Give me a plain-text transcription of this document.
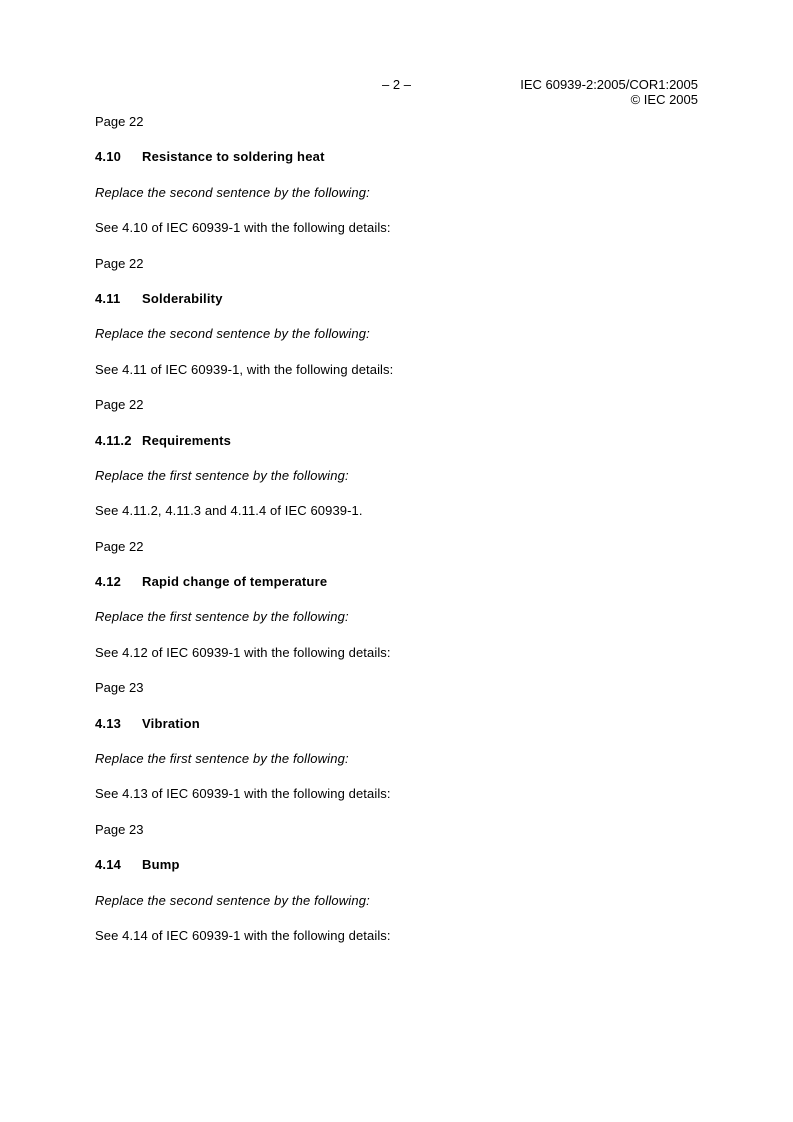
– 2 –	IEC 60939-2:2005/COR1:2005
© IEC 2005
Page 22
4.10 Resistance to soldering heat
Replace the second sentence by the following:
See 4.10 of IEC 60939-1 with the following details:
Page 22
4.11 Solderability
Replace the second sentence by the following:
See 4.11 of IEC 60939-1, with the following details:
Page 22
4.11.2 Requirements
Replace the first sentence by the following:
See 4.11.2, 4.11.3 and 4.11.4 of IEC 60939-1.
Page 22
4.12 Rapid change of temperature
Replace the first sentence by the following:
See 4.12 of IEC 60939-1 with the following details:
Page 23
4.13 Vibration
Replace the first sentence by the following:
See 4.13 of IEC 60939-1 with the following details:
Page 23
4.14 Bump
Replace the second sentence by the following:
See 4.14 of IEC 60939-1 with the following details:
